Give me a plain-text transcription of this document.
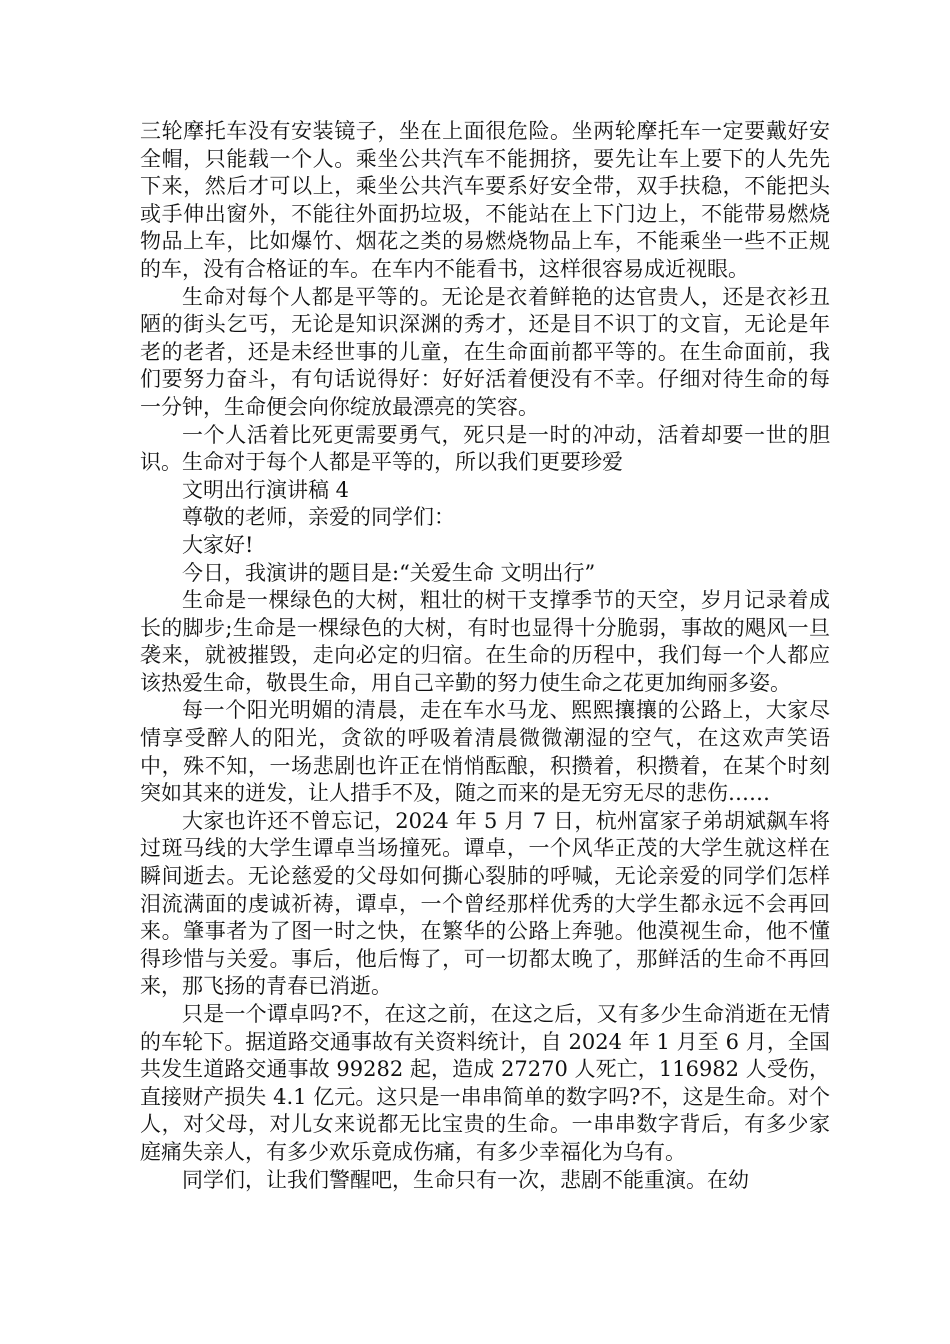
三轮摩托车没有安装镜子，坐在上面很危险。坐两轮摩托车一定要戴好安全帽，只能载一个人。乘坐公共汽车不能拥挤，要先让车上要下的人先先下来，然后才可以上，乘坐公共汽车要系好安全带，双手扶稳，不能把头或手伸出窗外，不能往外面扔垃圾，不能站在上下门边上，不能带易燃烧物品上车，比如爆竹、烟花之类的易燃烧物品上车，不能乘坐一些不正规的车，没有合格证的车。在车内不能看书，这样很容易成近视眼。

生命对每个人都是平等的。无论是衣着鲜艳的达官贵人，还是衣衫丑陋的街头乞丐，无论是知识深渊的秀才，还是目不识丁的文盲，无论是年老的老者，还是未经世事的儿童，在生命面前都平等的。在生命面前，我们要努力奋斗，有句话说得好：好好活着便没有不幸。仔细对待生命的每一分钟，生命便会向你绽放最漂亮的笑容。

一个人活着比死更需要勇气，死只是一时的冲动，活着却要一世的胆识。生命对于每个人都是平等的，所以我们更要珍爱

文明出行演讲稿 4

尊敬的老师，亲爱的同学们：

大家好!

今日，我演讲的题目是:“关爱生命 文明出行”

生命是一棵绿色的大树，粗壮的树干支撑季节的天空，岁月记录着成长的脚步;生命是一棵绿色的大树，有时也显得十分脆弱，事故的飓风一旦袭来，就被摧毁，走向必定的归宿。在生命的历程中，我们每一个人都应该热爱生命，敬畏生命，用自己辛勤的努力使生命之花更加绚丽多姿。

每一个阳光明媚的清晨，走在车水马龙、熙熙攘攘的公路上，大家尽情享受醉人的阳光，贪欲的呼吸着清晨微微潮湿的空气，在这欢声笑语中，殊不知，一场悲剧也许正在悄悄酝酿，积攒着，积攒着，在某个时刻突如其来的迸发，让人措手不及，随之而来的是无穷无尽的悲伤……

大家也许还不曾忘记，2024 年 5 月 7 日，杭州富家子弟胡斌飙车将过斑马线的大学生谭卓当场撞死。谭卓，一个风华正茂的大学生就这样在瞬间逝去。无论慈爱的父母如何撕心裂肺的呼喊，无论亲爱的同学们怎样泪流满面的虔诚祈祷，谭卓，一个曾经那样优秀的大学生都永远不会再回来。肇事者为了图一时之快，在繁华的公路上奔驰。他漠视生命，他不懂得珍惜与关爱。事后，他后悔了，可一切都太晚了，那鲜活的生命不再回来，那飞扬的青春已消逝。

只是一个谭卓吗?不，在这之前，在这之后，又有多少生命消逝在无情的车轮下。据道路交通事故有关资料统计，自 2024 年 1 月至 6 月，全国共发生道路交通事故 99282 起，造成 27270 人死亡，116982 人受伤，直接财产损失 4.1 亿元。这只是一串串简单的数字吗?不，这是生命。对个人，对父母，对儿女来说都无比宝贵的生命。一串串数字背后，有多少家庭痛失亲人，有多少欢乐竟成伤痛，有多少幸福化为乌有。

同学们，让我们警醒吧，生命只有一次，悲剧不能重演。在幼
